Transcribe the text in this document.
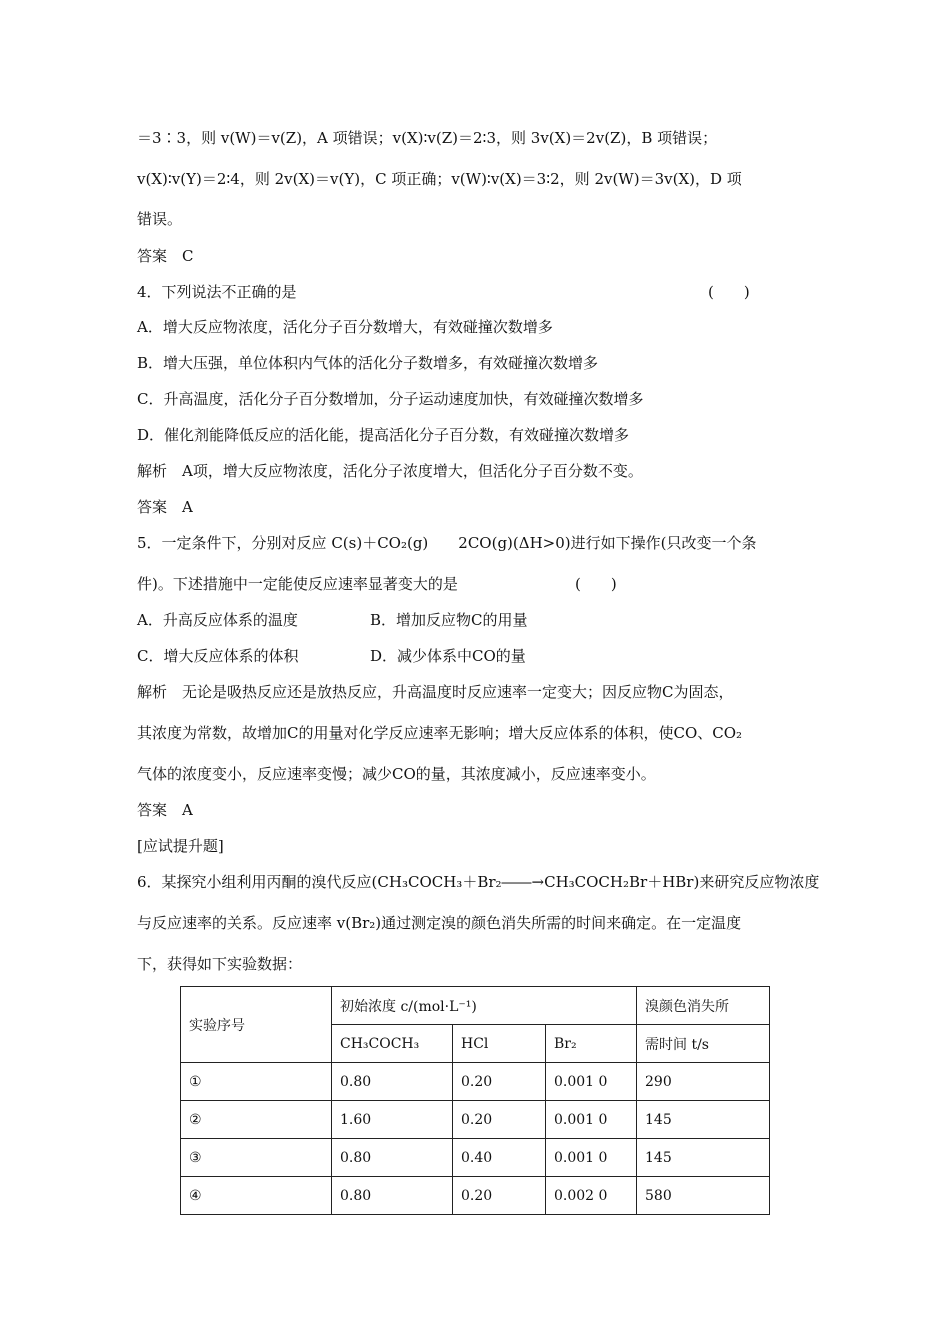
＝3∶3，则 v(W)＝v(Z)，A 项错误；v(X)∶v(Z)＝2∶3，则 3v(X)＝2v(Z)，B 项错误；
v(X)∶v(Y)＝2∶4，则 2v(X)＝v(Y)，C 项正确；v(W)∶v(X)＝3∶2，则 2v(W)＝3v(X)，D 项
错误。
答案　C
4．下列说法不正确的是	(　　)
A．增大反应物浓度，活化分子百分数增大，有效碰撞次数增多
B．增大压强，单位体积内气体的活化分子数增多，有效碰撞次数增多
C．升高温度，活化分子百分数增加，分子运动速度加快，有效碰撞次数增多
D．催化剂能降低反应的活化能，提高活化分子百分数，有效碰撞次数增多
解析　A项，增大反应物浓度，活化分子浓度增大，但活化分子百分数不变。
答案　A
5．一定条件下，分别对反应 C(s)＋CO₂(g)　　2CO(g)(ΔH>0)进行如下操作(只改变一个条
件)。下述措施中一定能使反应速率显著变大的是	(　　)
A．升高反应体系的温度	B．增加反应物C的用量
C．增大反应体系的体积	D．减少体系中CO的量
解析　无论是吸热反应还是放热反应，升高温度时反应速率一定变大；因反应物C为固态，
其浓度为常数，故增加C的用量对化学反应速率无影响；增大反应体系的体积，使CO、CO₂
气体的浓度变小，反应速率变慢；减少CO的量，其浓度减小，反应速率变小。
答案　A
[应试提升题]
6．某探究小组利用丙酮的溴代反应(CH₃COCH₃＋Br₂――→CH₃COCH₂Br＋HBr)来研究反应物浓度
与反应速率的关系。反应速率 v(Br₂)通过测定溴的颜色消失所需的时间来确定。在一定温度
下，获得如下实验数据：
实验序号	初始浓度 c/(mol·L⁻¹)			溴颜色消失所
	CH₃COCH₃	HCl	Br₂	需时间 t/s
①	0.80	0.20	0.001 0	290
②	1.60	0.20	0.001 0	145
③	0.80	0.40	0.001 0	145
④	0.80	0.20	0.002 0	580
